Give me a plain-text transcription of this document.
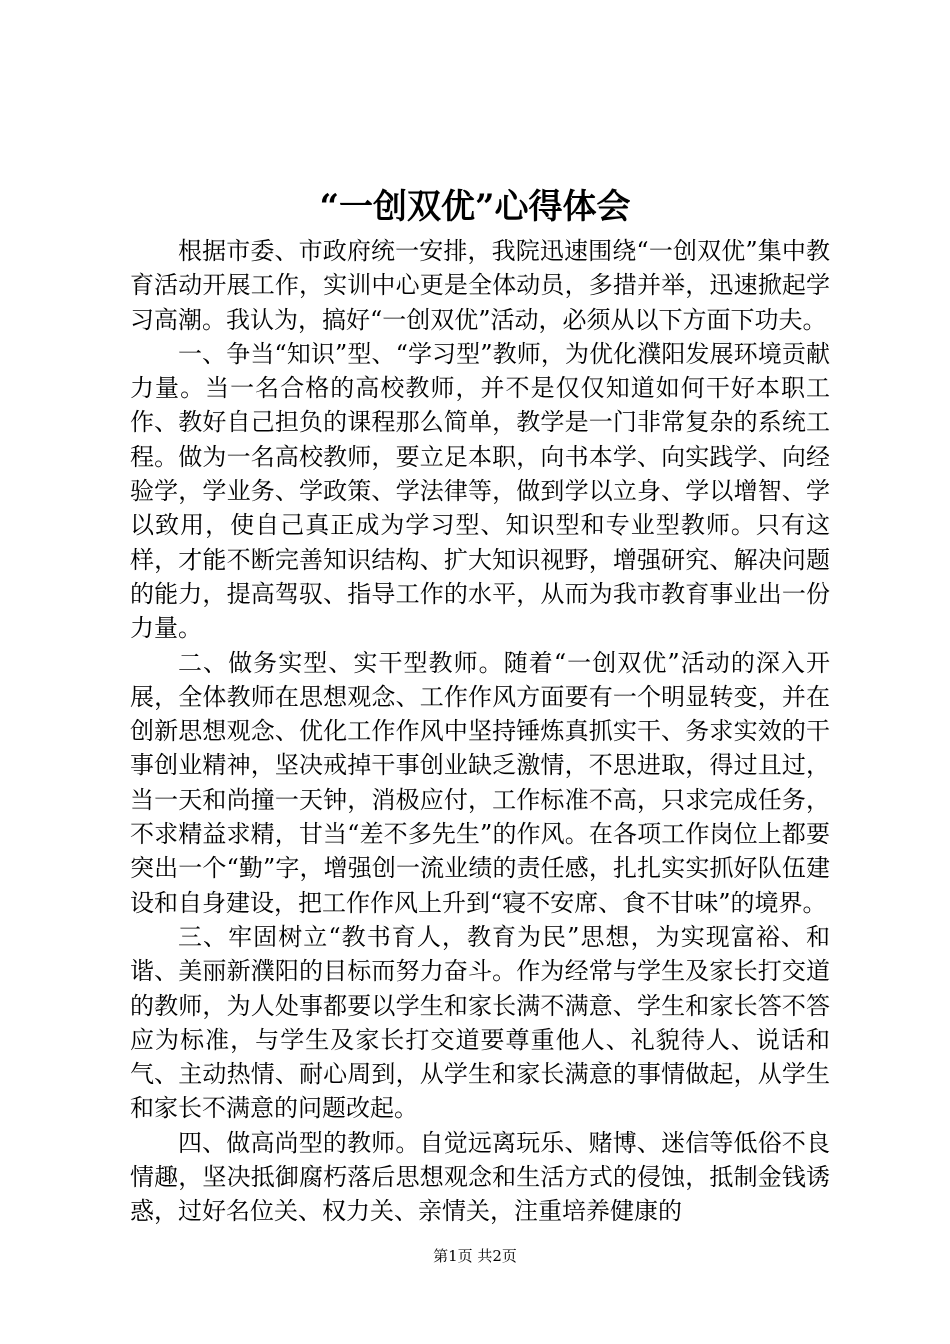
“一创双优”心得体会

根据市委、市政府统一安排，我院迅速围绕“一创双优”集中教育活动开展工作，实训中心更是全体动员，多措并举，迅速掀起学习高潮。我认为，搞好“一创双优”活动，必须从以下方面下功夫。

一、争当“知识”型、“学习型”教师，为优化濮阳发展环境贡献力量。当一名合格的高校教师，并不是仅仅知道如何干好本职工作、教好自己担负的课程那么简单，教学是一门非常复杂的系统工程。做为一名高校教师，要立足本职，向书本学、向实践学、向经验学，学业务、学政策、学法律等，做到学以立身、学以增智、学以致用，使自己真正成为学习型、知识型和专业型教师。只有这样，才能不断完善知识结构、扩大知识视野，增强研究、解决问题的能力，提高驾驭、指导工作的水平，从而为我市教育事业出一份力量。

二、做务实型、实干型教师。随着“一创双优”活动的深入开展，全体教师在思想观念、工作作风方面要有一个明显转变，并在创新思想观念、优化工作作风中坚持锤炼真抓实干、务求实效的干事创业精神，坚决戒掉干事创业缺乏激情，不思进取，得过且过，当一天和尚撞一天钟，消极应付，工作标准不高，只求完成任务，不求精益求精，甘当“差不多先生”的作风。在各项工作岗位上都要突出一个“勤”字，增强创一流业绩的责任感，扎扎实实抓好队伍建设和自身建设，把工作作风上升到“寝不安席、食不甘味”的境界。

三、牢固树立“教书育人，教育为民”思想，为实现富裕、和谐、美丽新濮阳的目标而努力奋斗。作为经常与学生及家长打交道的教师，为人处事都要以学生和家长满不满意、学生和家长答不答应为标准，与学生及家长打交道要尊重他人、礼貌待人、说话和气、主动热情、耐心周到，从学生和家长满意的事情做起，从学生和家长不满意的问题改起。

四、做高尚型的教师。自觉远离玩乐、赌博、迷信等低俗不良情趣，坚决抵御腐朽落后思想观念和生活方式的侵蚀，抵制金钱诱惑，过好名位关、权力关、亲情关，注重培养健康的

第1页 共2页
